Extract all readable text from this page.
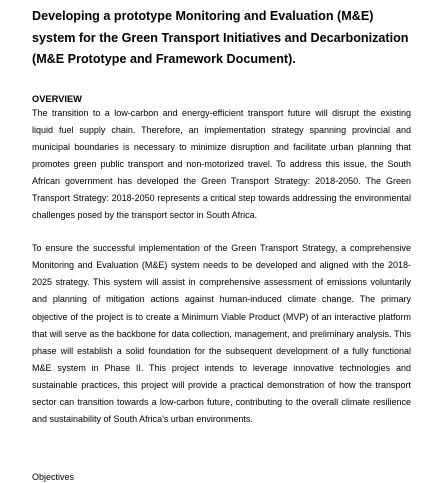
Developing a prototype Monitoring and Evaluation (M&E) system for the Green Transport Initiatives and Decarbonization (M&E Prototype and Framework Document).
OVERVIEW

The transition to a low-carbon and energy-efficient transport future will disrupt the existing liquid fuel supply chain. Therefore, an implementation strategy spanning provincial and municipal boundaries is necessary to minimize disruption and facilitate urban planning that promotes green public transport and non-motorized travel. To address this issue, the South African government has developed the Green Transport Strategy: 2018-2050. The Green Transport Strategy: 2018-2050 represents a critical step towards addressing the environmental challenges posed by the transport sector in South Africa.

To ensure the successful implementation of the Green Transport Strategy, a comprehensive Monitoring and Evaluation (M&E) system needs to be developed and aligned with the 2018-2025 strategy. This system will assist in comprehensive assessment of emissions voluntarily and planning of mitigation actions against human-induced climate change. The primary objective of the project is to create a Minimum Viable Product (MVP) of an interactive platform that will serve as the backbone for data collection, management, and preliminary analysis. This phase will establish a solid foundation for the subsequent development of a fully functional M&E system in Phase II. This project intends to leverage innovative technologies and sustainable practices, this project will provide a practical demonstration of how the transport sector can transition towards a low-carbon future, contributing to the overall climate resilience and sustainability of South Africa's urban environments.

Objectives
